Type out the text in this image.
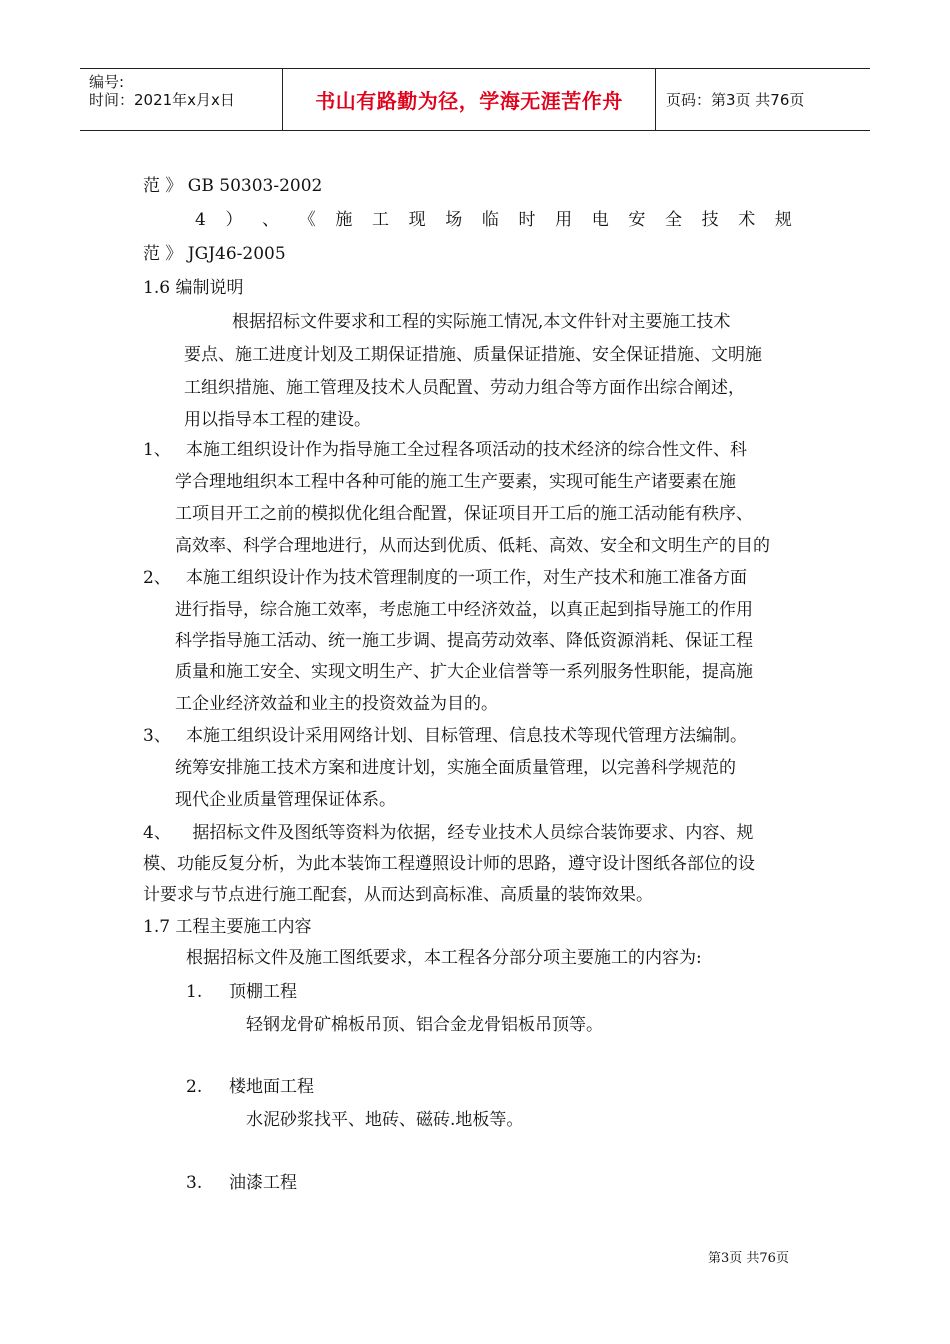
编号:
时间：2021年x月x日	书山有路勤为径，学海无涯苦作舟	页码：第3页 共76页
范 》 GB 50303-2002
4 ） 、 《 施 工 现 场 临 时 用 电 安 全 技 术 规
范 》 JGJ46-2005
1.6 编制说明
根据招标文件要求和工程的实际施工情况,本文件针对主要施工技术
要点、施工进度计划及工期保证措施、质量保证措施、安全保证措施、文明施
工组织措施、施工管理及技术人员配置、劳动力组合等方面作出综合阐述，
用以指导本工程的建设。
1、 本施工组织设计作为指导施工全过程各项活动的技术经济的综合性文件、科
学合理地组织本工程中各种可能的施工生产要素，实现可能生产诸要素在施
工项目开工之前的模拟优化组合配置，保证项目开工后的施工活动能有秩序、
高效率、科学合理地进行，从而达到优质、低耗、高效、安全和文明生产的目的
2、 本施工组织设计作为技术管理制度的一项工作，对生产技术和施工准备方面
进行指导，综合施工效率，考虑施工中经济效益，以真正起到指导施工的作用
科学指导施工活动、统一施工步调、提高劳动效率、降低资源消耗、保证工程
质量和施工安全、实现文明生产、扩大企业信誉等一系列服务性职能，提高施
工企业经济效益和业主的投资效益为目的。
3、 本施工组织设计采用网络计划、目标管理、信息技术等现代管理方法编制。
统筹安排施工技术方案和进度计划，实施全面质量管理，以完善科学规范的
现代企业质量管理保证体系。
4、    据招标文件及图纸等资料为依据，经专业技术人员综合装饰要求、内容、规
模、功能反复分析，为此本装饰工程遵照设计师的思路，遵守设计图纸各部位的设
计要求与节点进行施工配套，从而达到高标准、高质量的装饰效果。
1.7 工程主要施工内容
根据招标文件及施工图纸要求，本工程各分部分项主要施工的内容为:
1. 顶棚工程
轻钢龙骨矿棉板吊顶、铝合金龙骨铝板吊顶等。
2. 楼地面工程
水泥砂浆找平、地砖、磁砖.地板等。
3. 油漆工程
第3页 共76页
